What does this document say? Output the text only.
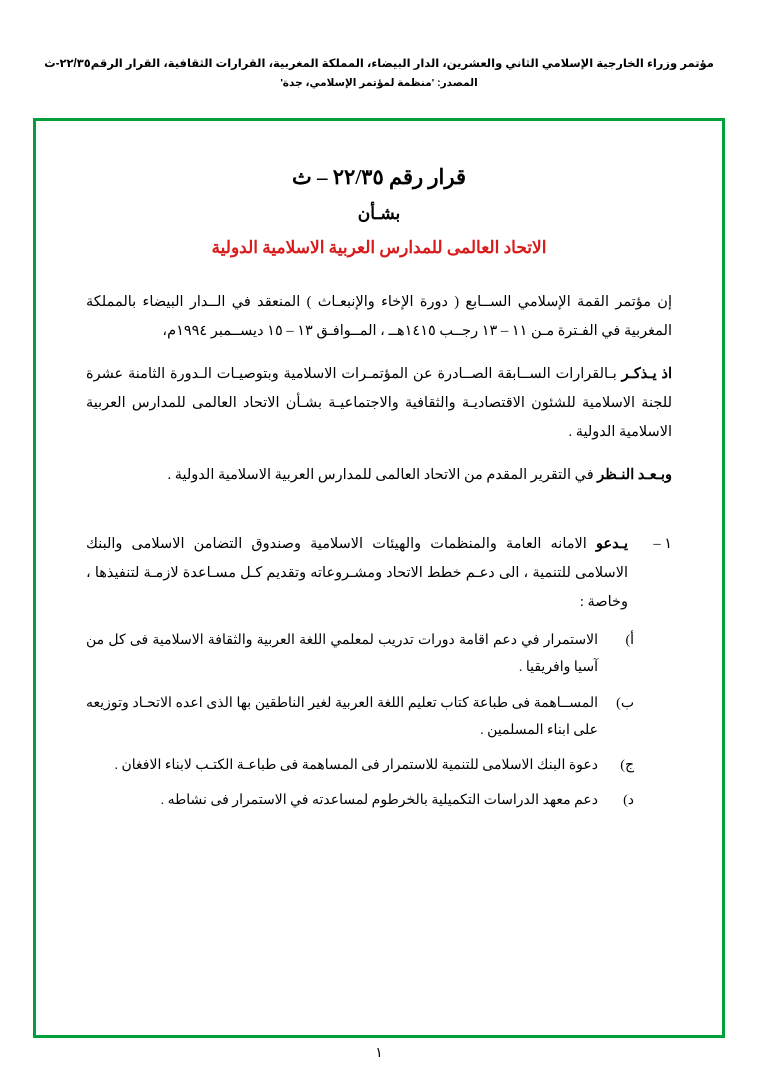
مؤتمر وزراء الخارجية الإسلامي الثاني والعشرين، الدار البيضاء، المملكة المغربية، القرارات الثقافية، القرار الرقم٢٢/٣٥-ث
المصدر: 'منظمة لمؤتمر الإسلامي، جدة'
قرار رقم ٢٢/٣٥ – ث
بشـأن
الاتحاد العالمى للمدارس العربية الاسلامية الدولية
إن مؤتمر القمة الإسلامي الســابع ( دورة الإخاء والإنبعـاث ) المنعقد في الــدار البيضاء بالمملكة المغربية في الفـترة مـن ١١ – ١٣ رجــب ١٤١٥هــ ، المــوافـق ١٣ – ١٥ ديســمبر ١٩٩٤م،
اذ يـذكـر بـالقرارات الســابقة الصــادرة عن المؤتمـرات الاسلامية وبتوصيـات الـدورة الثامنة عشرة للجنة الاسلامية للشئون الاقتصاديـة والثقافية والاجتماعيـة بشـأن الاتحاد العالمى للمدارس العربية الاسلامية الدولية .
وبـعـد النـظر في التقرير المقدم من الاتحاد العالمى للمدارس العربية الاسلامية الدولية .
١ –
يـدعو الامانه العامة والمنظمات والهيئات الاسلامية وصندوق التضامن الاسلامى والبنك الاسلامى للتنمية ، الى دعـم خطط الاتحاد ومشـروعاته وتقديم كـل مسـاعدة لازمـة لتنفيذها ، وخاصة :
أ)
الاستمرار في دعم اقامة دورات تدريب لمعلمي اللغة العربية والثقافة الاسلامية فى كل من آسيا وافريقيا .
ب)
المســاهمة فى طباعة كتاب تعليم اللغة العربية لغير الناطقين بها الذى اعده الاتحـاد وتوزيعه على ابناء المسلمين .
ج)
دعوة البنك الاسلامى للتنمية للاستمرار فى المساهمة فى طباعـة الكتـب لابناء الافغان .
د)
دعم معهد الدراسات التكميلية بالخرطوم لمساعدته في الاستمرار فى نشاطه .
١
